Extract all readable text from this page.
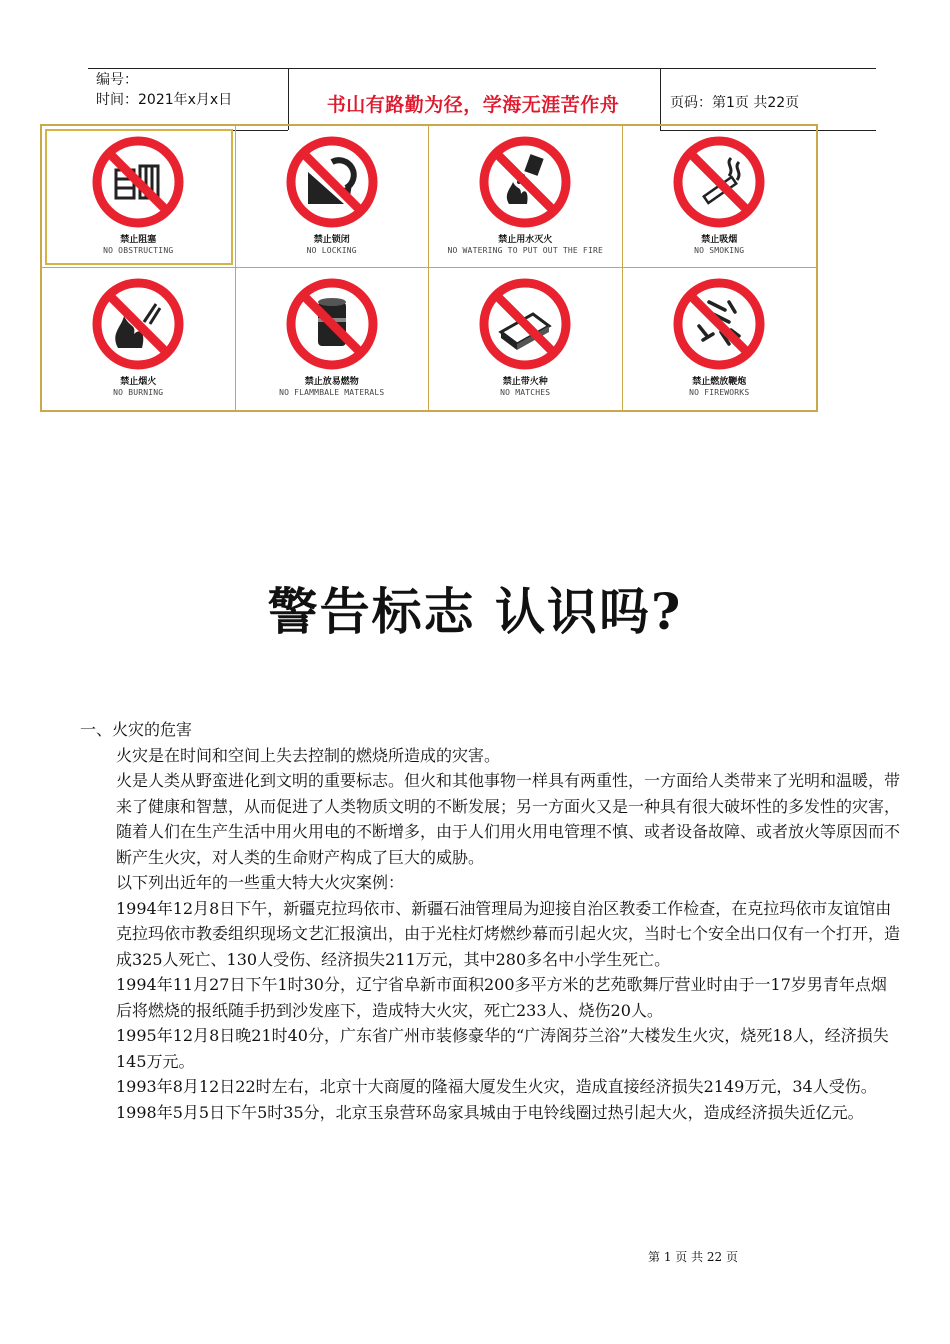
编号：
时间：2021年x月x日	书山有路勤为径，学海无涯苦作舟	页码：第1页 共22页
禁止阻塞
NO OBSTRUCTING
禁止锁闭
NO LOCKING
禁止用水灭火
NO WATERING TO PUT OUT THE FIRE
禁止吸烟
NO SMOKING
禁止烟火
NO BURNING
禁止放易燃物
NO FLAMMBALE MATERALS
禁止带火种
NO MATCHES
禁止燃放鞭炮
NO FIREWORKS
警告标志 认识吗?
一、火灾的危害

火灾是在时间和空间上失去控制的燃烧所造成的灾害。

火是人类从野蛮进化到文明的重要标志。但火和其他事物一样具有两重性，一方面给人类带来了光明和温暖，带来了健康和智慧，从而促进了人类物质文明的不断发展；另一方面火又是一种具有很大破坏性的多发性的灾害，随着人们在生产生活中用火用电的不断增多，由于人们用火用电管理不慎、或者设备故障、或者放火等原因而不断产生火灾，对人类的生命财产构成了巨大的威胁。

以下列出近年的一些重大特大火灾案例：

1994年12月8日下午，新疆克拉玛依市、新疆石油管理局为迎接自治区教委工作检查，在克拉玛依市友谊馆由克拉玛依市教委组织现场文艺汇报演出，由于光柱灯烤燃纱幕而引起火灾，当时七个安全出口仅有一个打开，造成325人死亡、130人受伤、经济损失211万元，其中280多名中小学生死亡。

1994年11月27日下午1时30分，辽宁省阜新市面积200多平方米的艺苑歌舞厅营业时由于一17岁男青年点烟后将燃烧的报纸随手扔到沙发座下，造成特大火灾，死亡233人、烧伤20人。

1995年12月8日晚21时40分，广东省广州市装修豪华的“广涛阁芬兰浴”大楼发生火灾，烧死18人，经济损失145万元。

1993年8月12日22时左右，北京十大商厦的隆福大厦发生火灾，造成直接经济损失2149万元，34人受伤。

1998年5月5日下午5时35分，北京玉泉营环岛家具城由于电铃线圈过热引起大火，造成经济损失近亿元。

第 1 页 共 22 页
